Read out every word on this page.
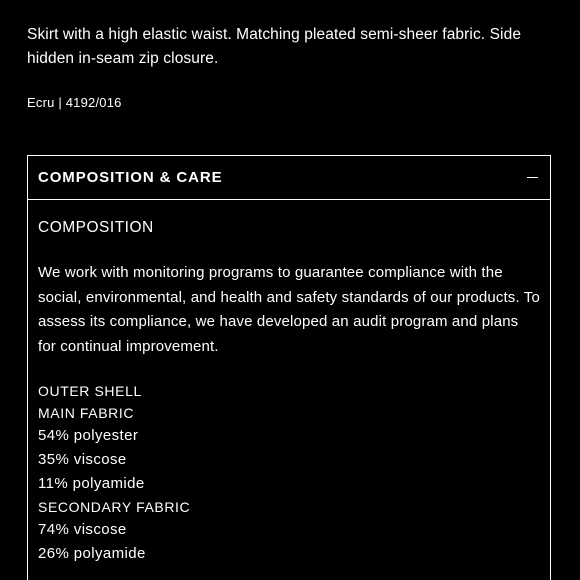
Skirt with a high elastic waist. Matching pleated semi-sheer fabric. Side hidden in-seam zip closure.

Ecru | 4192/016

COMPOSITION & CARE
COMPOSITION

We work with monitoring programs to guarantee compliance with the social, environmental, and health and safety standards of our products. To assess its compliance, we have developed an audit program and plans for continual improvement.

OUTER SHELL
MAIN FABRIC
54% polyester
35% viscose
11% polyamide
SECONDARY FABRIC
74% viscose
26% polyamide
